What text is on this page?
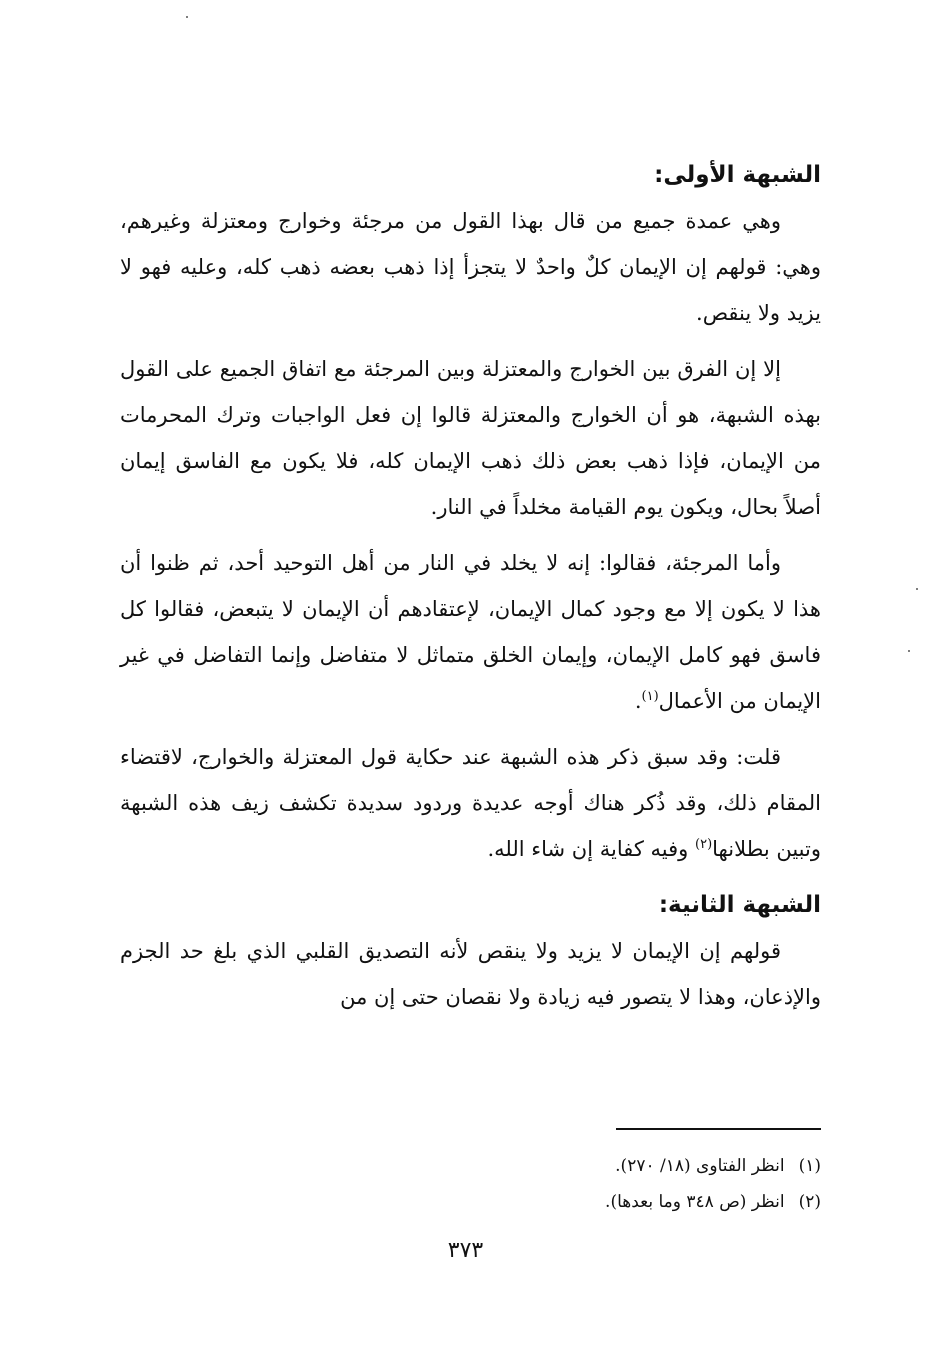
الشبهة الأولى:

وهي عمدة جميع من قال بهذا القول من مرجئة وخوارج ومعتزلة وغيرهم، وهي: قولهم إن الإيمان كلٌ واحدٌ لا يتجزأ إذا ذهب بعضه ذهب كله، وعليه فهو لا يزيد ولا ينقص.

إلا إن الفرق بين الخوارج والمعتزلة وبين المرجئة مع اتفاق الجميع على القول بهذه الشبهة، هو أن الخوارج والمعتزلة قالوا إن فعل الواجبات وترك المحرمات من الإيمان، فإذا ذهب بعض ذلك ذهب الإيمان كله، فلا يكون مع الفاسق إيمان أصلاً بحال، ويكون يوم القيامة مخلداً في النار.

وأما المرجئة، فقالوا: إنه لا يخلد في النار من أهل التوحيد أحد، ثم ظنوا أن هذا لا يكون إلا مع وجود كمال الإيمان، لإعتقادهم أن الإيمان لا يتبعض، فقالوا كل فاسق فهو كامل الإيمان، وإيمان الخلق متماثل لا متفاضل وإنما التفاضل في غير الإيمان من الأعمال$^{(١)}$.

قلت: وقد سبق ذكر هذه الشبهة عند حكاية قول المعتزلة والخوارج، لاقتضاء المقام ذلك، وقد ذُكر هناك أوجه عديدة وردود سديدة تكشف زيف هذه الشبهة وتبين بطلانها$^{(٢)}$ وفيه كفاية إن شاء الله.

الشبهة الثانية:

قولهم إن الإيمان لا يزيد ولا ينقص لأنه التصديق القلبي الذي بلغ حد الجزم والإذعان، وهذا لا يتصور فيه زيادة ولا نقصان حتى إن من

(١)انظر الفتاوى (١٨/ ٢٧٠).
(٢)انظر (ص ٣٤٨ وما بعدها).
٣٧٣
